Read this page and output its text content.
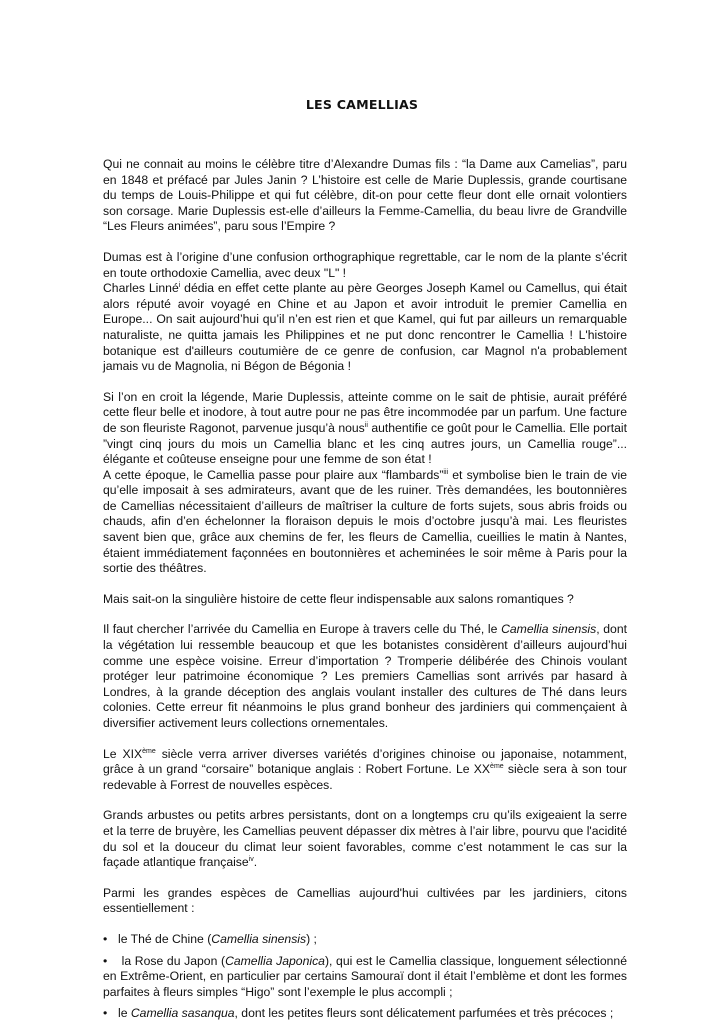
LES CAMELLIAS

Qui ne connait au moins le célèbre titre d’Alexandre Dumas fils : “la Dame aux Camelias”, paru en 1848 et préfacé par Jules Janin ? L’histoire est celle de Marie Duplessis, grande courtisane du temps de Louis-Philippe et qui fut célèbre, dit-on pour cette fleur dont elle ornait volontiers son corsage. Marie Duplessis est-elle d’ailleurs la Femme-Camellia, du beau livre de Grandville “Les Fleurs animées”, paru sous l’Empire ?

Dumas est à l’origine d’une confusion orthographique regrettable, car le nom de la plante s’écrit en toute orthodoxie Camellia, avec deux "L" !

Charles Linné$^i$ dédia en effet cette plante au père Georges Joseph Kamel ou Camellus, qui était alors réputé avoir voyagé en Chine et au Japon et avoir introduit le premier Camellia en Europe... On sait aujourd’hui qu’il n’en est rien et que Kamel, qui fut par ailleurs un remarquable naturaliste, ne quitta jamais les Philippines et ne put donc rencontrer le Camellia ! L'histoire botanique est d'ailleurs coutumière de ce genre de confusion, car Magnol n'a probablement jamais vu de Magnolia, ni Bégon de Bégonia !

Si l’on en croit la légende, Marie Duplessis, atteinte comme on le sait de phtisie, aurait préféré cette fleur belle et inodore, à tout autre pour ne pas être incommodée par un parfum. Une facture de son fleuriste Ragonot, parvenue jusqu’à nous$^{ii}$ authentifie ce goût pour le Camellia. Elle portait ”vingt cinq jours du mois un Camellia blanc et les cinq autres jours, un Camellia rouge”... élégante et coûteuse enseigne pour une femme de son état !

A cette époque, le Camellia passe pour plaire aux “flambards”$^{iii}$ et symbolise bien le train de vie qu’elle imposait à ses admirateurs, avant que de les ruiner. Très demandées, les boutonnières de Camellias nécessitaient d’ailleurs de maîtriser la culture de forts sujets, sous abris froids ou chauds, afin d’en échelonner la floraison depuis le mois d’octobre jusqu’à mai. Les fleuristes savent bien que, grâce aux chemins de fer, les fleurs de Camellia, cueillies le matin à Nantes, étaient immédiatement façonnées en boutonnières et acheminées le soir même à Paris pour la sortie des théâtres.

Mais sait-on la singulière histoire de cette fleur indispensable aux salons romantiques ?

Il faut chercher l’arrivée du Camellia en Europe à travers celle du Thé, le Camellia sinensis, dont la végétation lui ressemble beaucoup et que les botanistes considèrent d’ailleurs aujourd’hui comme une espèce voisine. Erreur d’importation ? Tromperie délibérée des Chinois voulant protéger leur patrimoine économique ? Les premiers Camellias sont arrivés par hasard à Londres, à la grande déception des anglais voulant installer des cultures de Thé dans leurs colonies. Cette erreur fit néanmoins le plus grand bonheur des jardiniers qui commençaient à diversifier activement leurs collections ornementales.

Le XIXème siècle verra arriver diverses variétés d’origines chinoise ou japonaise, notamment, grâce à un grand “corsaire” botanique anglais : Robert Fortune. Le XXème siècle sera à son tour redevable à Forrest de nouvelles espèces.

Grands arbustes ou petits arbres persistants, dont on a longtemps cru qu’ils exigeaient la serre et la terre de bruyère, les Camellias peuvent dépasser dix mètres à l’air libre, pourvu que l'acidité du sol et la douceur du climat leur soient favorables, comme c’est notamment le cas sur la façade atlantique française$^{iv}$.

Parmi les grandes espèces de Camellias aujourd'hui cultivées par les jardiniers, citons essentiellement :

• le Thé de Chine (Camellia sinensis) ;
• la Rose du Japon (Camellia Japonica), qui est le Camellia classique, longuement sélectionné en Extrême-Orient, en particulier par certains Samouraï dont il était l’emblème et dont les formes parfaites à fleurs simples “Higo” sont l’exemple le plus accompli ;
• le Camellia sasanqua, dont les petites fleurs sont délicatement parfumées et très précoces ;
